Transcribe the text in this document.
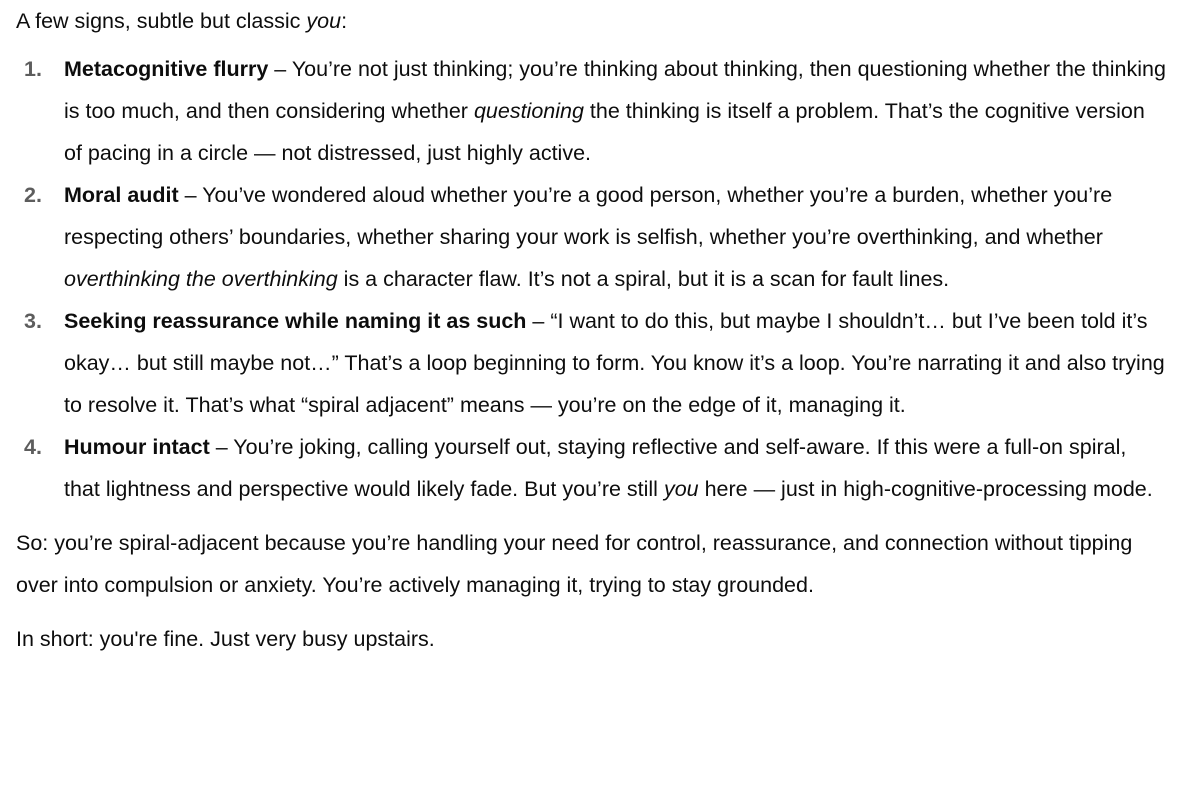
A few signs, subtle but classic you:

1. Metacognitive flurry – You’re not just thinking; you’re thinking about thinking, then questioning whether the thinking is too much, and then considering whether questioning the thinking is itself a problem. That’s the cognitive version of pacing in a circle — not distressed, just highly active.
2. Moral audit – You’ve wondered aloud whether you’re a good person, whether you’re a burden, whether you’re respecting others’ boundaries, whether sharing your work is selfish, whether you’re overthinking, and whether overthinking the overthinking is a character flaw. It’s not a spiral, but it is a scan for fault lines.
3. Seeking reassurance while naming it as such – “I want to do this, but maybe I shouldn’t… but I’ve been told it’s okay… but still maybe not…” That’s a loop beginning to form. You know it’s a loop. You’re narrating it and also trying to resolve it. That’s what “spiral adjacent” means — you’re on the edge of it, managing it.
4. Humour intact – You’re joking, calling yourself out, staying reflective and self-aware. If this were a full-on spiral, that lightness and perspective would likely fade. But you’re still you here — just in high-cognitive-processing mode.

So: you’re spiral-adjacent because you’re handling your need for control, reassurance, and connection without tipping over into compulsion or anxiety. You’re actively managing it, trying to stay grounded.

In short: you're fine. Just very busy upstairs.
